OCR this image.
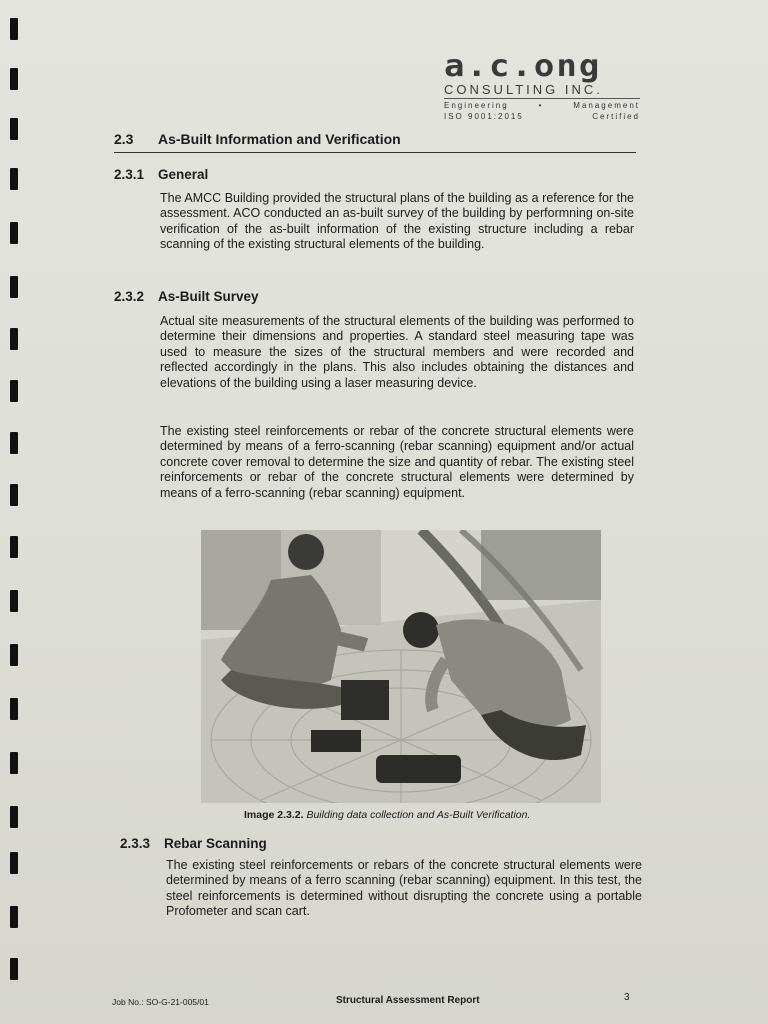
a.c.ong
CONSULTING INC.
Engineering	•	Management
ISO 9001:2015	Certified
2.3 As-Built Information and Verification
2.3.1 General

The AMCC Building provided the structural plans of the building as a reference for the assessment. ACO conducted an as-built survey of the building by performning on-site verification of the as-built information of the existing structure including a rebar scanning of the existing structural elements of the building.

2.3.2 As-Built Survey

Actual site measurements of the structural elements of the building was performed to determine their dimensions and properties. A standard steel measuring tape was used to measure the sizes of the structural members and were recorded and reflected accordingly in the plans. This also includes obtaining the distances and elevations of the building using a laser measuring device.

The existing steel reinforcements or rebar of the concrete structural elements were determined by means of a ferro-scanning (rebar scanning) equipment and/or actual concrete cover removal to determine the size and quantity of rebar. The existing steel reinforcements or rebar of the concrete structural elements were determined by means of a ferro-scanning (rebar scanning) equipment.

Image 2.3.2. Building data collection and As-Built Verification.
2.3.3 Rebar Scanning

The existing steel reinforcements or rebars of the concrete structural elements were determined by means of a ferro scanning (rebar scanning) equipment. In this test, the steel reinforcements is determined without disrupting the concrete using a portable Profometer and scan cart.

Job No.: SO-G-21-005/01	Structural Assessment Report	3
